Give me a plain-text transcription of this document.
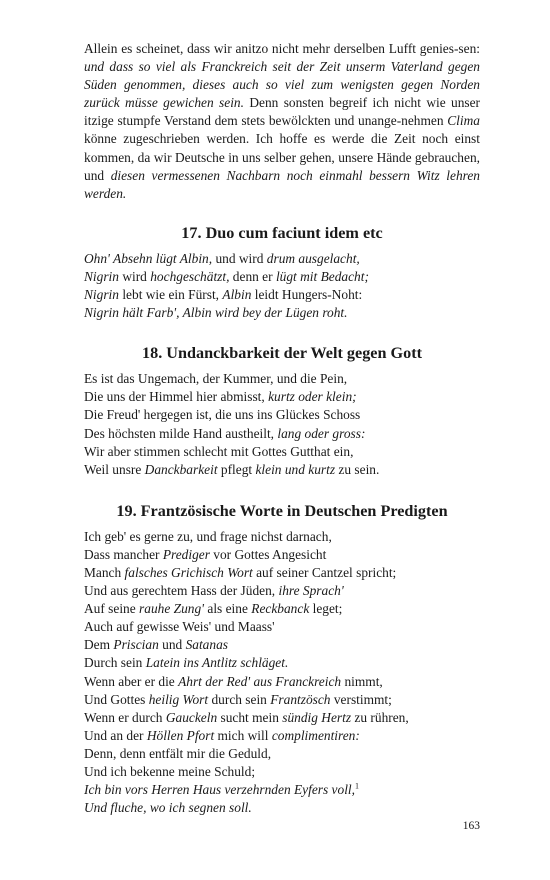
Allein es scheinet, dass wir anitzo nicht mehr derselben Lufft genies-sen: und dass so viel als Franckreich seit der Zeit unserm Vaterland gegen Süden genommen, dieses auch so viel zum wenigsten gegen Norden zurück müsse gewichen sein. Denn sonsten begreif ich nicht wie unser itzige stumpfe Verstand dem stets bewölckten und unange-nehmen Clima könne zugeschrieben werden. Ich hoffe es werde die Zeit noch einst kommen, da wir Deutsche in uns selber gehen, unsere Hände gebrauchen, und diesen vermessenen Nachbarn noch einmahl bessern Witz lehren werden.

17. Duo cum faciunt idem etc
Ohn' Absehn lügt Albin, und wird drum ausgelacht,
Nigrin wird hochgeschätzt, denn er lügt mit Bedacht;
Nigrin lebt wie ein Fürst, Albin leidt Hungers-Noht:
Nigrin hält Farb', Albin wird bey der Lügen roht.
18. Undanckbarkeit der Welt gegen Gott
Es ist das Ungemach, der Kummer, und die Pein,
Die uns der Himmel hier abmisst, kurtz oder klein;
Die Freud' hergegen ist, die uns ins Glückes Schoss
Des höchsten milde Hand austheilt, lang oder gross:
Wir aber stimmen schlecht mit Gottes Gutthat ein,
Weil unsre Danckbarkeit pflegt klein und kurtz zu sein.
19. Frantzösische Worte in Deutschen Predigten
Ich geb' es gerne zu, und frage nichst darnach,
Dass mancher Prediger vor Gottes Angesicht
Manch falsches Grichisch Wort auf seiner Cantzel spricht;
Und aus gerechtem Hass der Jüden, ihre Sprach'
Auf seine rauhe Zung' als eine Reckbanck leget;
Auch auf gewisse Weis' und Maass'
Dem Priscian und Satanas
Durch sein Latein ins Antlitz schläget.
Wenn aber er die Ahrt der Red' aus Franckreich nimmt,
Und Gottes heilig Wort durch sein Frantzösch verstimmt;
Wenn er durch Gauckeln sucht mein sündig Hertz zu rühren,
Und an der Höllen Pfort mich will complimentiren:
Denn, denn entfält mir die Geduld,
Und ich bekenne meine Schuld;
Ich bin vors Herren Haus verzehrnden Eyfers voll,$^1$
Und fluche, wo ich segnen soll.
163
